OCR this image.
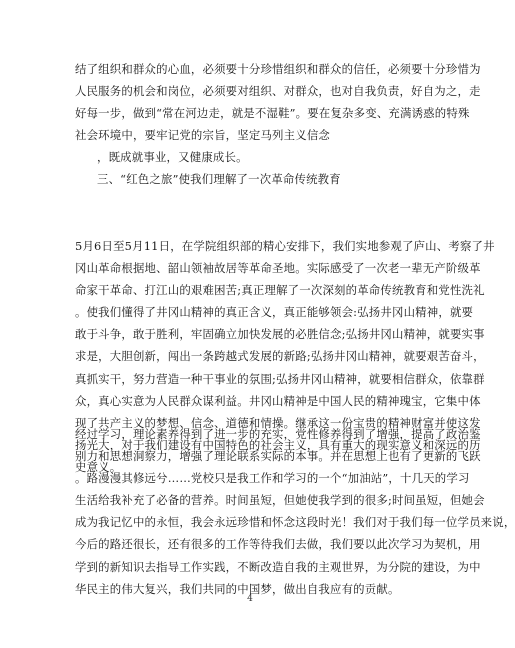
结了组织和群众的心血，必须要十分珍惜组织和群众的信任，必须要十分珍惜为
人民服务的机会和岗位，必须要对组织、对群众，也对自我负责，好自为之，走
好每一步，做到“常在河边走，就是不湿鞋”。要在复杂多变、充满诱惑的特殊
社会环境中，要牢记党的宗旨，坚定马列主义信念
，既成就事业，又健康成长。
三、“红色之旅”使我们理解了一次革命传统教育
5月6日至5月11日，在学院组织部的精心安排下，我们实地参观了庐山、考察了井
冈山革命根据地、韶山领袖故居等革命圣地。实际感受了一次老一辈无产阶级革
命家干革命、打江山的艰难困苦;真正理解了一次深刻的革命传统教育和党性洗礼
。使我们懂得了井冈山精神的真正含义，真正能够领会:弘扬井冈山精神，就要
敢于斗争，敢于胜利，牢固确立加快发展的必胜信念;弘扬井冈山精神，就要实事
求是，大胆创新，闯出一条跨越式发展的新路;弘扬井冈山精神，就要艰苦奋斗，
真抓实干，努力营造一种干事业的氛围;弘扬井冈山精神，就要相信群众，依靠群
众，真心实意为人民群众谋利益。井冈山精神是中国人民的精神瑰宝，它集中体
现了共产主义的梦想、信念、道德和情操。继承这一份宝贵的精神财富并使这发
扬光大，对于我们建设有中国特色的社会主义，具有重大的现实意义和深远的历
史意义。
经过学习，理论素养得到了进一步的充实，党性修养得到了增强，提高了政治鉴
别力和思想洞察力，增强了理论联系实际的本事。并在思想上也有了更新的飞跃
。路漫漫其修远兮……党校只是我工作和学习的一个“加油站”，十几天的学习
生活给我补充了必备的营养。时间虽短，但她使我学到的很多;时间虽短，但她会
成为我记忆中的永恒，我会永远珍惜和怀念这段时光！我们对于我们每一位学员来说，
今后的路还很长，还有很多的工作等待我们去做，我们要以此次学习为契机，用
学到的新知识去指导工作实践，不断改造自我的主观世界，为分院的建设，为中
华民主的伟大复兴，我们共同的中国梦，做出自我应有的贡献。
4
